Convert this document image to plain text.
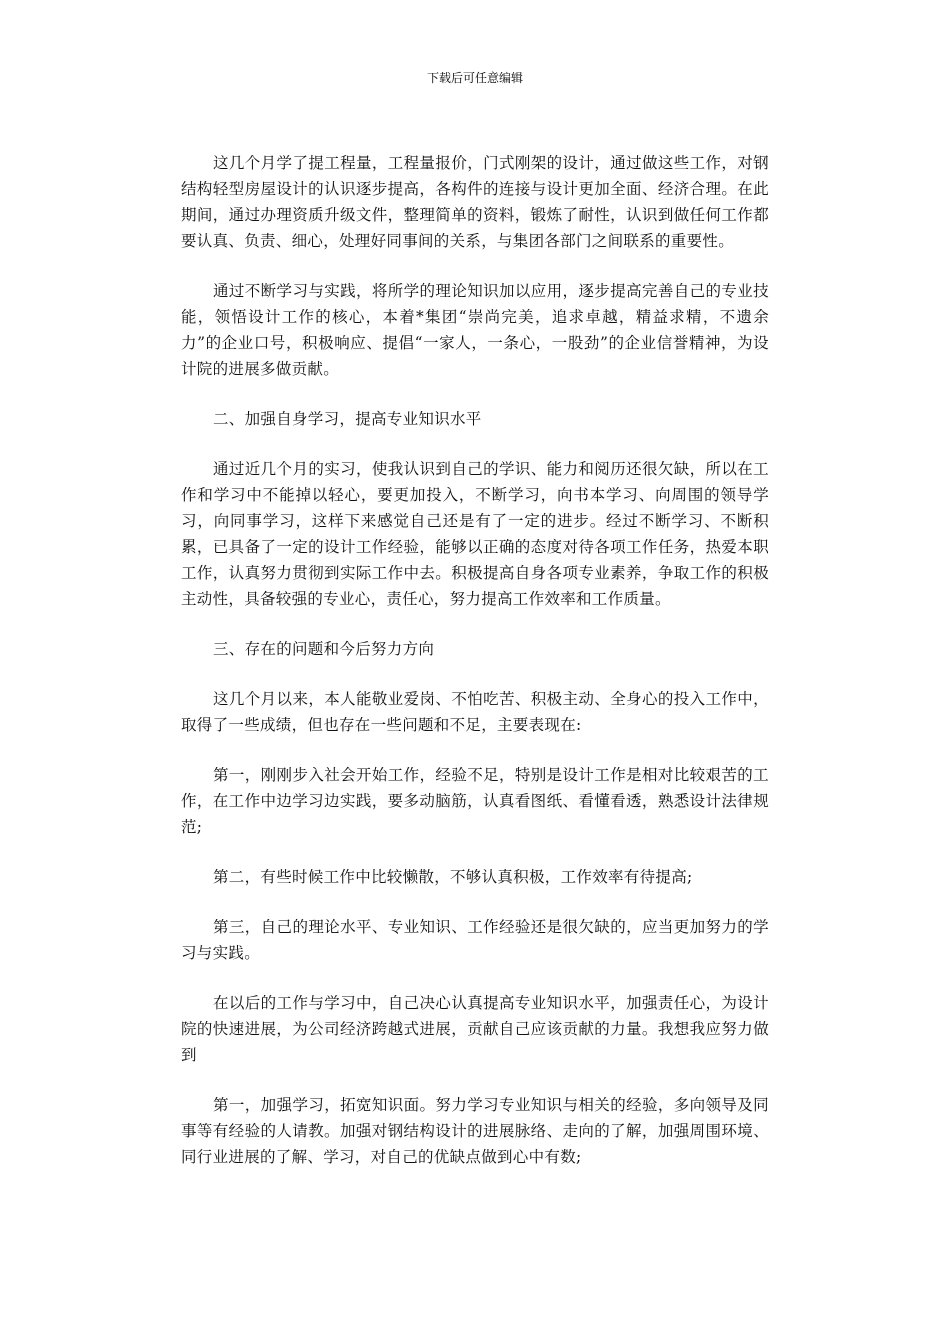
下载后可任意编辑

这几个月学了提工程量，工程量报价，门式刚架的设计，通过做这些工作，对钢结构轻型房屋设计的认识逐步提高，各构件的连接与设计更加全面、经济合理。在此期间，通过办理资质升级文件，整理简单的资料，锻炼了耐性，认识到做任何工作都要认真、负责、细心，处理好同事间的关系，与集团各部门之间联系的重要性。

通过不断学习与实践，将所学的理论知识加以应用，逐步提高完善自己的专业技能，领悟设计工作的核心，本着*集团“崇尚完美，追求卓越，精益求精，不遗余力”的企业口号，积极响应、提倡“一家人，一条心，一股劲”的企业信誉精神，为设计院的进展多做贡献。

二、加强自身学习，提高专业知识水平

通过近几个月的实习，使我认识到自己的学识、能力和阅历还很欠缺，所以在工作和学习中不能掉以轻心，要更加投入，不断学习，向书本学习、向周围的领导学习，向同事学习，这样下来感觉自己还是有了一定的进步。经过不断学习、不断积累，已具备了一定的设计工作经验，能够以正确的态度对待各项工作任务，热爱本职工作，认真努力贯彻到实际工作中去。积极提高自身各项专业素养，争取工作的积极主动性，具备较强的专业心，责任心，努力提高工作效率和工作质量。

三、存在的问题和今后努力方向

这几个月以来，本人能敬业爱岗、不怕吃苦、积极主动、全身心的投入工作中，取得了一些成绩，但也存在一些问题和不足，主要表现在:

第一，刚刚步入社会开始工作，经验不足，特别是设计工作是相对比较艰苦的工作，在工作中边学习边实践，要多动脑筋，认真看图纸、看懂看透，熟悉设计法律规范;

第二，有些时候工作中比较懒散，不够认真积极，工作效率有待提高;

第三，自己的理论水平、专业知识、工作经验还是很欠缺的，应当更加努力的学习与实践。

在以后的工作与学习中，自己决心认真提高专业知识水平，加强责任心，为设计院的快速进展，为公司经济跨越式进展，贡献自己应该贡献的力量。我想我应努力做到

第一，加强学习，拓宽知识面。努力学习专业知识与相关的经验，多向领导及同事等有经验的人请教。加强对钢结构设计的进展脉络、走向的了解，加强周围环境、同行业进展的了解、学习，对自己的优缺点做到心中有数;
